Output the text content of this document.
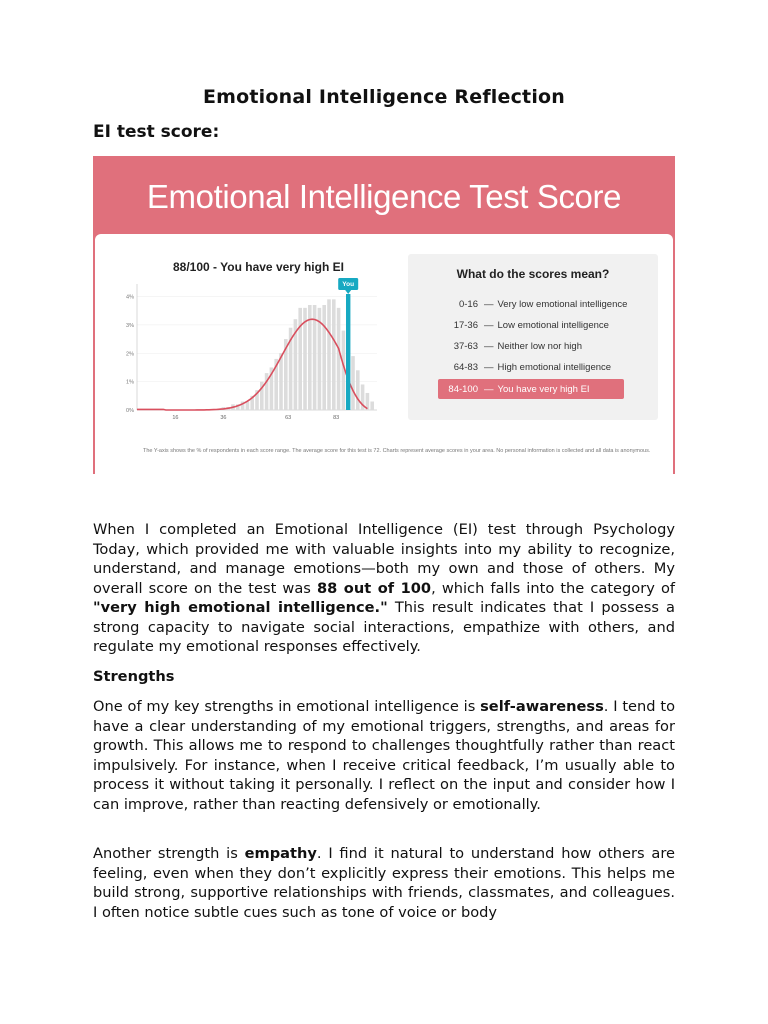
Emotional Intelligence Reflection

EI test score:

Emotional Intelligence Test Score
88/100 - You have very high EI
0%
1%
2%
3%
4%
16	36	63	83
You
What do the scores mean?
0-16 — Very low emotional intelligence
17-36 — Low emotional intelligence
37-63 — Neither low nor high
64-83 — High emotional intelligence
84-100 — You have very high EI
The Y-axis shows the % of respondents in each score range. The average score for this test is 72. Charts represent average scores in your area. No personal information is collected and all data is anonymous.

When I completed an Emotional Intelligence (EI) test through Psychology Today, which provided me with valuable insights into my ability to recognize, understand, and manage emotions—both my own and those of others. My overall score on the test was 88 out of 100, which falls into the category of "very high emotional intelligence." This result indicates that I possess a strong capacity to navigate social interactions, empathize with others, and regulate my emotional responses effectively.

Strengths

One of my key strengths in emotional intelligence is self-awareness. I tend to have a clear understanding of my emotional triggers, strengths, and areas for growth. This allows me to respond to challenges thoughtfully rather than react impulsively. For instance, when I receive critical feedback, I’m usually able to process it without taking it personally. I reflect on the input and consider how I can improve, rather than reacting defensively or emotionally.

Another strength is empathy. I find it natural to understand how others are feeling, even when they don’t explicitly express their emotions. This helps me build strong, supportive relationships with friends, classmates, and colleagues. I often notice subtle cues such as tone of voice or body
